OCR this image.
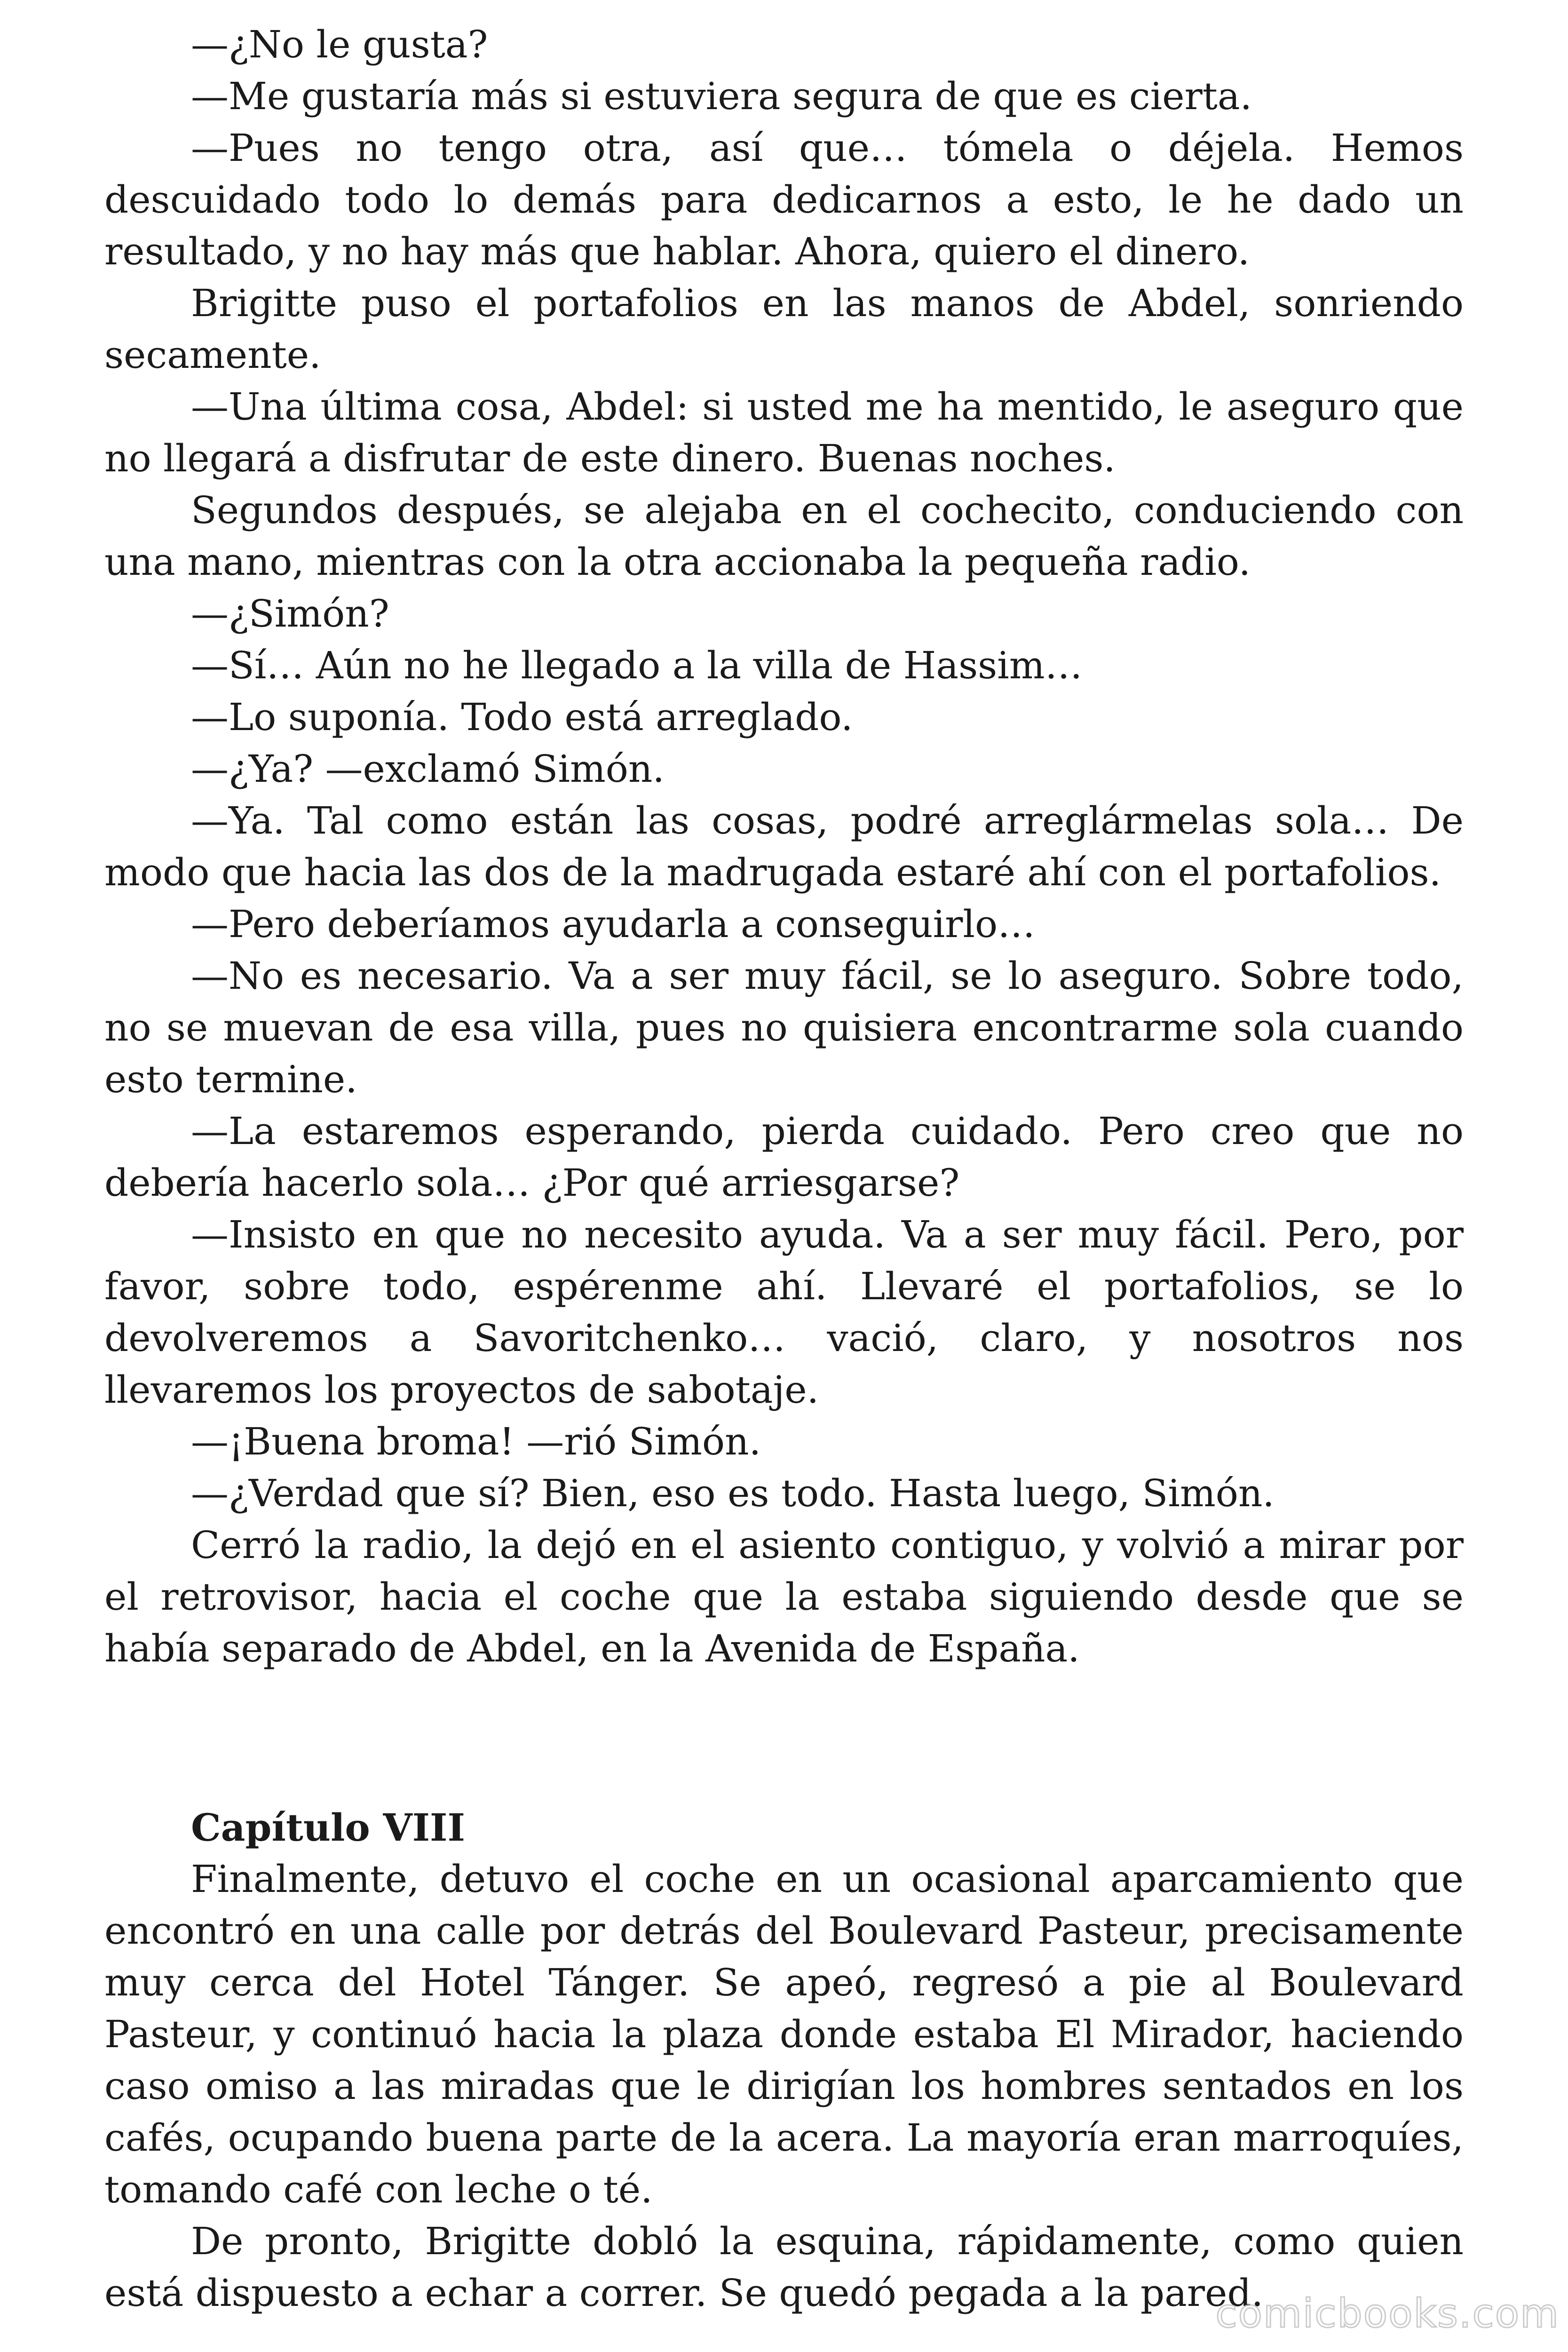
—¿No le gusta?

—Me gustaría más si estuviera segura de que es cierta.

—Pues no tengo otra, así que… tómela o déjela. Hemos descuidado todo lo demás para dedicarnos a esto, le he dado un resultado, y no hay más que hablar. Ahora, quiero el dinero.

Brigitte puso el portafolios en las manos de Abdel, sonriendo secamente.

—Una última cosa, Abdel: si usted me ha mentido, le aseguro que no llegará a disfrutar de este dinero. Buenas noches.

Segundos después, se alejaba en el cochecito, conduciendo con una mano, mientras con la otra accionaba la pequeña radio.

—¿Simón?

—Sí… Aún no he llegado a la villa de Hassim…

—Lo suponía. Todo está arreglado.

—¿Ya? —exclamó Simón.

—Ya. Tal como están las cosas, podré arreglármelas sola… De modo que hacia las dos de la madrugada estaré ahí con el portafolios.

—Pero deberíamos ayudarla a conseguirlo…

—No es necesario. Va a ser muy fácil, se lo aseguro. Sobre todo, no se muevan de esa villa, pues no quisiera encontrarme sola cuando esto termine.

—La estaremos esperando, pierda cuidado. Pero creo que no debería hacerlo sola… ¿Por qué arriesgarse?

—Insisto en que no necesito ayuda. Va a ser muy fácil. Pero, por favor, sobre todo, espérenme ahí. Llevaré el portafolios, se lo devolveremos a Savoritchenko… vació, claro, y nosotros nos llevaremos los proyectos de sabotaje.

—¡Buena broma! —rió Simón.

—¿Verdad que sí? Bien, eso es todo. Hasta luego, Simón.

Cerró la radio, la dejó en el asiento contiguo, y volvió a mirar por el retrovisor, hacia el coche que la estaba siguiendo desde que se había separado de Abdel, en la Avenida de España.

Capítulo VIII

Finalmente, detuvo el coche en un ocasional aparcamiento que encontró en una calle por detrás del Boulevard Pasteur, precisamente muy cerca del Hotel Tánger. Se apeó, regresó a pie al Boulevard Pasteur, y continuó hacia la plaza donde estaba El Mirador, haciendo caso omiso a las miradas que le dirigían los hombres sentados en los cafés, ocupando buena parte de la acera. La mayoría eran marroquíes, tomando café con leche o té.

De pronto, Brigitte dobló la esquina, rápidamente, como quien está dispuesto a echar a correr. Se quedó pegada a la pared.

comicbooks.com
